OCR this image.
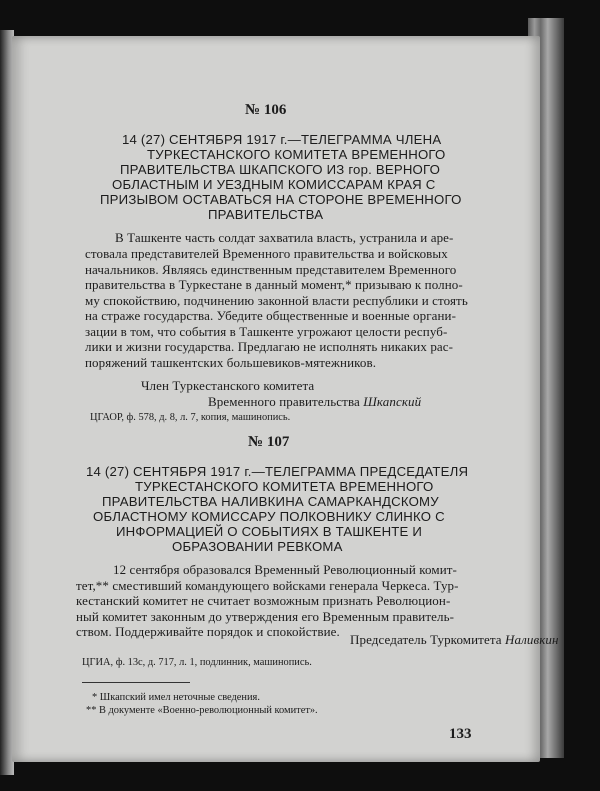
№ 106
14 (27) СЕНТЯБРЯ 1917 г.—ТЕЛЕГРАММА ЧЛЕНА
ТУРКЕСТАНСКОГО КОМИТЕТА ВРЕМЕННОГО
ПРАВИТЕЛЬСТВА ШКАПСКОГО ИЗ гор. ВЕРНОГО
ОБЛАСТНЫМ И УЕЗДНЫМ КОМИССАРАМ КРАЯ С
ПРИЗЫВОМ ОСТАВАТЬСЯ НА СТОРОНЕ ВРЕМЕННОГО
ПРАВИТЕЛЬСТВА
В Ташкенте часть солдат захватила власть, устранила и аре-
стовала представителей Временного правительства и войсковых
начальников. Являясь единственным представителем Временного
правительства в Туркестане в данный момент,* призываю к полно-
му спокойствию, подчинению законной власти республики и стоять
на страже государства. Убедите общественные и военные органи-
зации в том, что события в Ташкенте угрожают целости респуб-
лики и жизни государства. Предлагаю не исполнять никаких рас-
поряжений ташкентских большевиков-мятежников.
Член Туркестанского комитета
Временного правительства Шкапский
ЦГАОР, ф. 578, д. 8, л. 7, копия, машинопись.
№ 107
14 (27) СЕНТЯБРЯ 1917 г.—ТЕЛЕГРАММА ПРЕДСЕДАТЕЛЯ
ТУРКЕСТАНСКОГО КОМИТЕТА ВРЕМЕННОГО
ПРАВИТЕЛЬСТВА НАЛИВКИНА САМАРКАНДСКОМУ
ОБЛАСТНОМУ КОМИССАРУ ПОЛКОВНИКУ СЛИНКО С
ИНФОРМАЦИЕЙ О СОБЫТИЯХ В ТАШКЕНТЕ И
ОБРАЗОВАНИИ РЕВКОМА
12 сентября образовался Временный Революционный комит-
тет,** сместивший командующего войсками генерала Черкеса. Тур-
кестанский комитет не считает возможным признать Революцион-
ный комитет законным до утверждения его Временным правитель-
ством. Поддерживайте порядок и спокойствие.
Председатель Туркомитета Наливкин
ЦГИА, ф. 13с, д. 717, л. 1, подлинник, машинопись.
* Шкапский имел неточные сведения.
** В документе «Военно-революционный комитет».
133
